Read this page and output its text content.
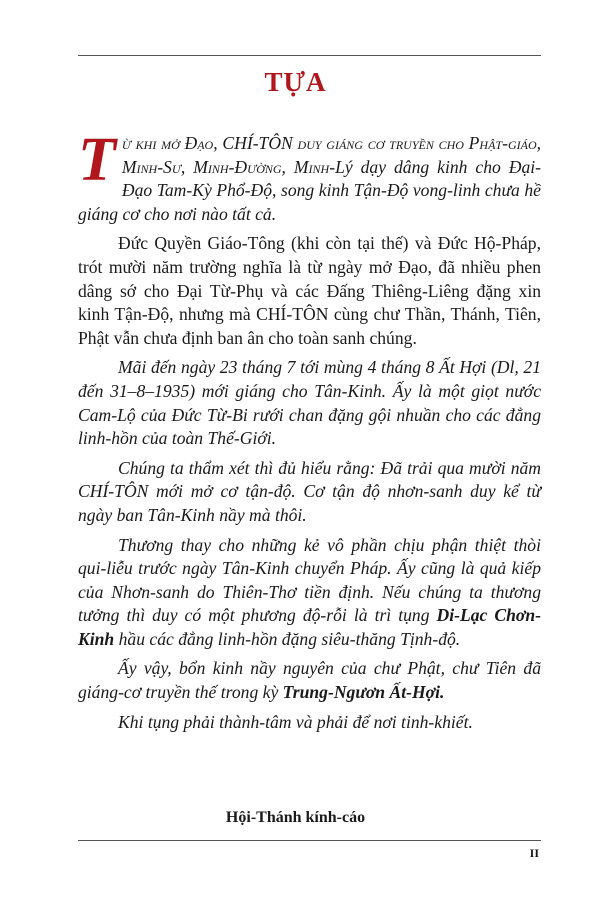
TỰA

Từ khi mở Đạo, CHÍ-TÔN duy giáng cơ truyền cho Phật-giáo, Minh-Sư, Minh-Đường, Minh-Lý dạy dâng kinh cho Đại-Đạo Tam-Kỳ Phổ-Độ, song kinh Tận-Độ vong-linh chưa hề giáng cơ cho nơi nào tất cả.

Đức Quyền Giáo-Tông (khi còn tại thế) và Đức Hộ-Pháp, trót mười năm trường nghĩa là từ ngày mở Đạo, đã nhiều phen dâng sớ cho Đại Từ-Phụ và các Đấng Thiêng-Liêng đặng xin kinh Tận-Độ, nhưng mà CHÍ-TÔN cùng chư Thần, Thánh, Tiên, Phật vẫn chưa định ban ân cho toàn sanh chúng.

Mãi đến ngày 23 tháng 7 tới mùng 4 tháng 8 Ất Hợi (Dl, 21 đến 31–8–1935) mới giáng cho Tân-Kinh. Ấy là một giọt nước Cam-Lộ của Đức Từ-Bi rưới chan đặng gội nhuần cho các đẳng linh-hồn của toàn Thế-Giới.

Chúng ta thẩm xét thì đủ hiểu rằng: Đã trải qua mười năm CHÍ-TÔN mới mở cơ tận-độ. Cơ tận độ nhơn-sanh duy kể từ ngày ban Tân-Kinh nầy mà thôi.

Thương thay cho những kẻ vô phần chịu phận thiệt thòi qui-liễu trước ngày Tân-Kinh chuyển Pháp. Ấy cũng là quả kiếp của Nhơn-sanh do Thiên-Thơ tiền định. Nếu chúng ta thương tưởng thì duy có một phương độ-rỗi là trì tụng Di-Lạc Chơn-Kinh hầu các đẳng linh-hồn đặng siêu-thăng Tịnh-độ.

Ấy vậy, bổn kinh nầy nguyên của chư Phật, chư Tiên đã giáng-cơ truyền thế trong kỳ Trung-Ngươn Ất-Hợi.

Khi tụng phải thành-tâm và phải để nơi tinh-khiết.

Hội-Thánh kính-cáo
II
